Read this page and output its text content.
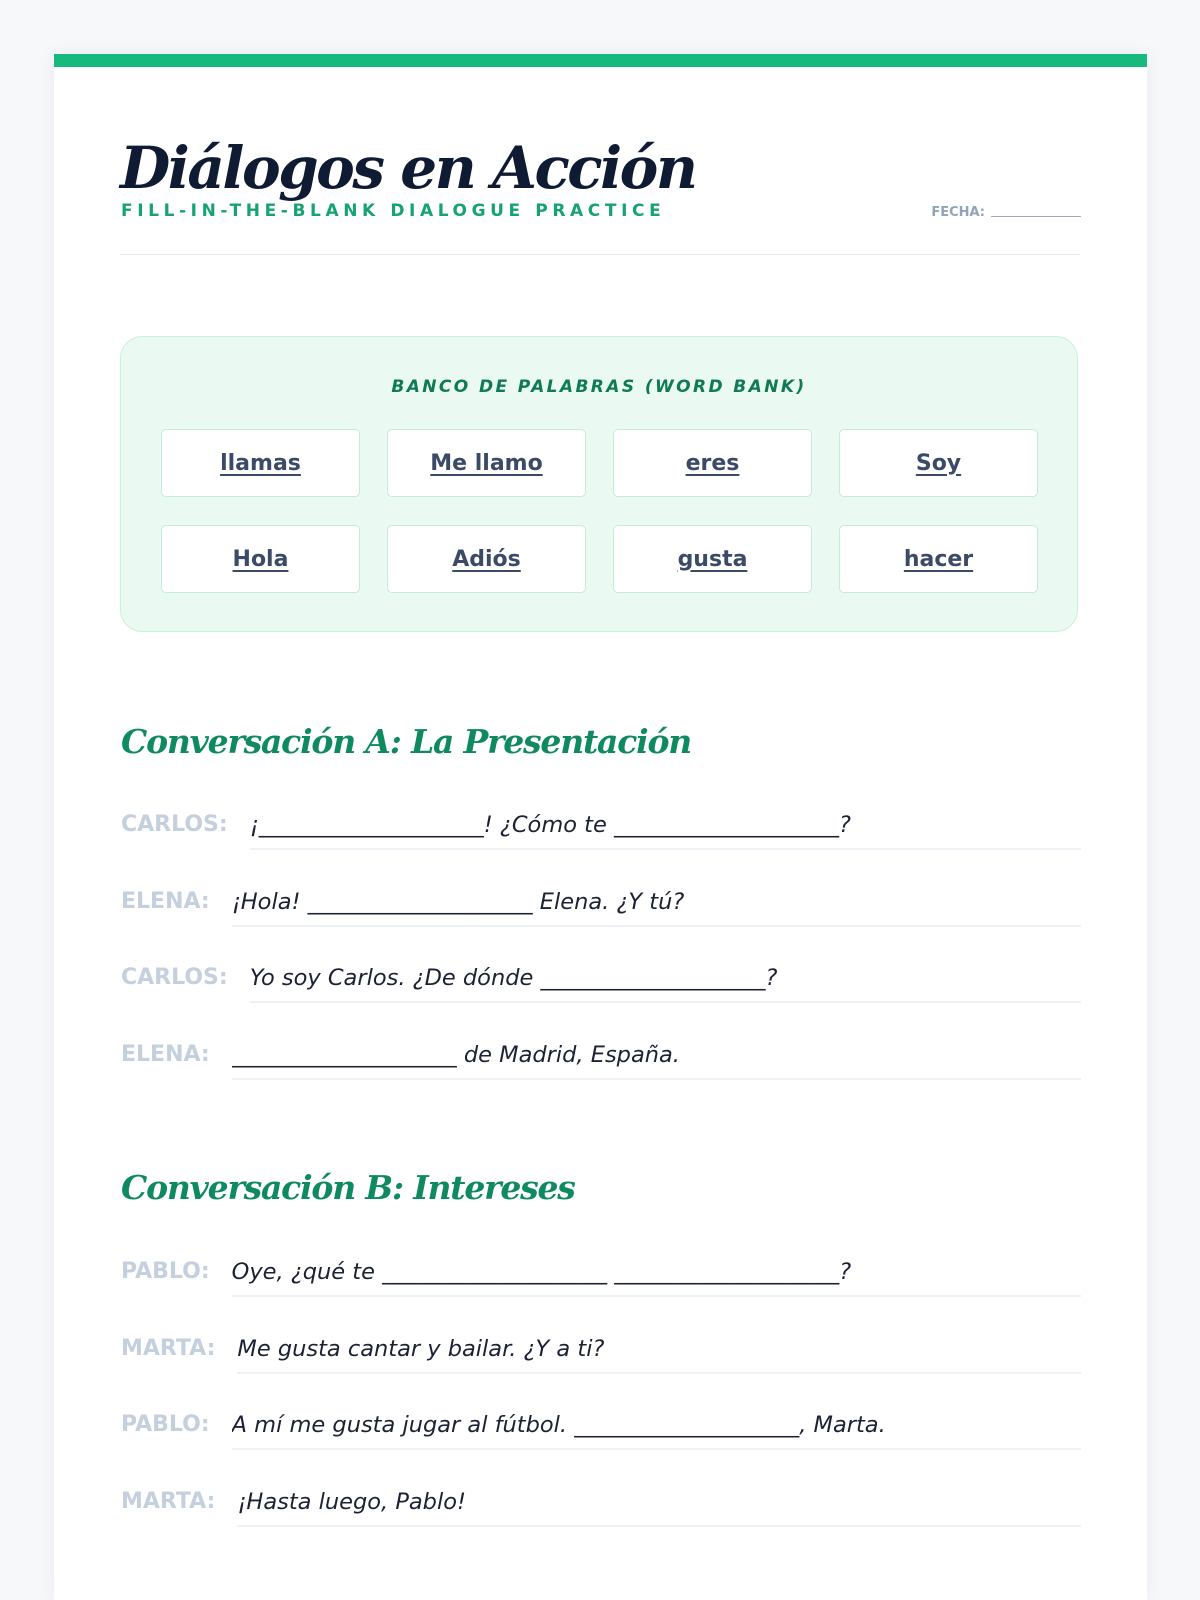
Diálogos en Acción
FILL-IN-THE-BLANK DIALOGUE PRACTICE	FECHA:
BANCO DE PALABRAS (WORD BANK)
llamas	Me llamo	eres	Soy
Hola	Adiós	gusta	hacer
Conversación A: La Presentación
CARLOS: ¡____________________! ¿Cómo te ____________________?
ELENA: ¡Hola! ____________________ Elena. ¿Y tú?
CARLOS: Yo soy Carlos. ¿De dónde ____________________?
ELENA: ____________________ de Madrid, España.
Conversación B: Intereses
PABLO: Oye, ¿qué te ____________________ ____________________?
MARTA: Me gusta cantar y bailar. ¿Y a ti?
PABLO: A mí me gusta jugar al fútbol. ____________________, Marta.
MARTA: ¡Hasta luego, Pablo!
